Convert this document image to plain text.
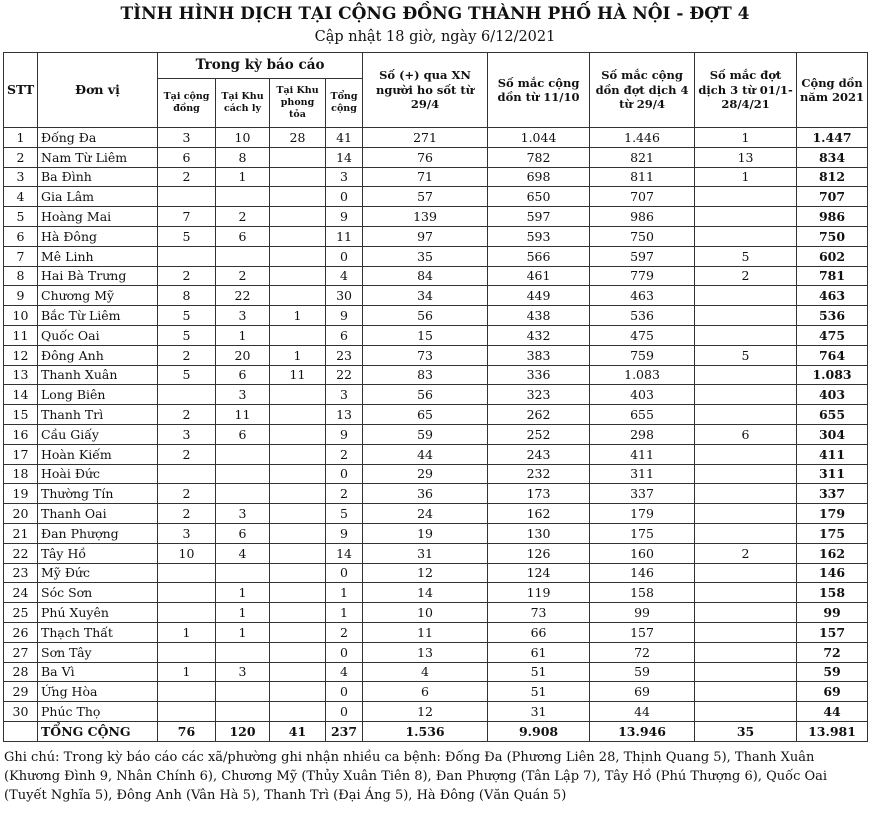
TÌNH HÌNH DỊCH TẠI CỘNG ĐỒNG THÀNH PHỐ HÀ NỘI - ĐỢT 4
Cập nhật 18 giờ, ngày 6/12/2021
STT	Đơn vị	Trong kỳ báo cáo				Số (+) qua XN người ho sốt từ 29/4	Số mắc cộng dồn từ 11/10	Số mắc cộng dồn đợt dịch 4 từ 29/4	Số mắc đợt dịch 3 từ 01/1-28/4/21	Cộng dồn năm 2021
		Tại cộng đồng	Tại Khu cách ly	Tại Khu phong tỏa	Tổng cộng					
1	Đống Đa	3	10	28	41	271	1.044	1.446	1	1.447
2	Nam Từ Liêm	6	8		14	76	782	821	13	834
3	Ba Đình	2	1		3	71	698	811	1	812
4	Gia Lâm				0	57	650	707		707
5	Hoàng Mai	7	2		9	139	597	986		986
6	Hà Đông	5	6		11	97	593	750		750
7	Mê Linh				0	35	566	597	5	602
8	Hai Bà Trưng	2	2		4	84	461	779	2	781
9	Chương Mỹ	8	22		30	34	449	463		463
10	Bắc Từ Liêm	5	3	1	9	56	438	536		536
11	Quốc Oai	5	1		6	15	432	475		475
12	Đông Anh	2	20	1	23	73	383	759	5	764
13	Thanh Xuân	5	6	11	22	83	336	1.083		1.083
14	Long Biên		3		3	56	323	403		403
15	Thanh Trì	2	11		13	65	262	655		655
16	Cầu Giấy	3	6		9	59	252	298	6	304
17	Hoàn Kiếm	2			2	44	243	411		411
18	Hoài Đức				0	29	232	311		311
19	Thường Tín	2			2	36	173	337		337
20	Thanh Oai	2	3		5	24	162	179		179
21	Đan Phượng	3	6		9	19	130	175		175
22	Tây Hồ	10	4		14	31	126	160	2	162
23	Mỹ Đức				0	12	124	146		146
24	Sóc Sơn		1		1	14	119	158		158
25	Phú Xuyên		1		1	10	73	99		99
26	Thạch Thất	1	1		2	11	66	157		157
27	Sơn Tây				0	13	61	72		72
28	Ba Vì	1	3		4	4	51	59		59
29	Ứng Hòa				0	6	51	69		69
30	Phúc Thọ				0	12	31	44		44
	TỔNG CỘNG	76	120	41	237	1.536	9.908	13.946	35	13.981
Ghi chú: Trong kỳ báo cáo các xã/phường ghi nhận nhiều ca bệnh: Đống Đa (Phương Liên 28, Thịnh Quang 5), Thanh Xuân (Khương Đình 9, Nhân Chính 6), Chương Mỹ (Thủy Xuân Tiên 8), Đan Phượng (Tân Lập 7), Tây Hồ (Phú Thượng 6), Quốc Oai (Tuyết Nghĩa 5), Đông Anh (Vân Hà 5), Thanh Trì (Đại Áng 5), Hà Đông (Văn Quán 5)
